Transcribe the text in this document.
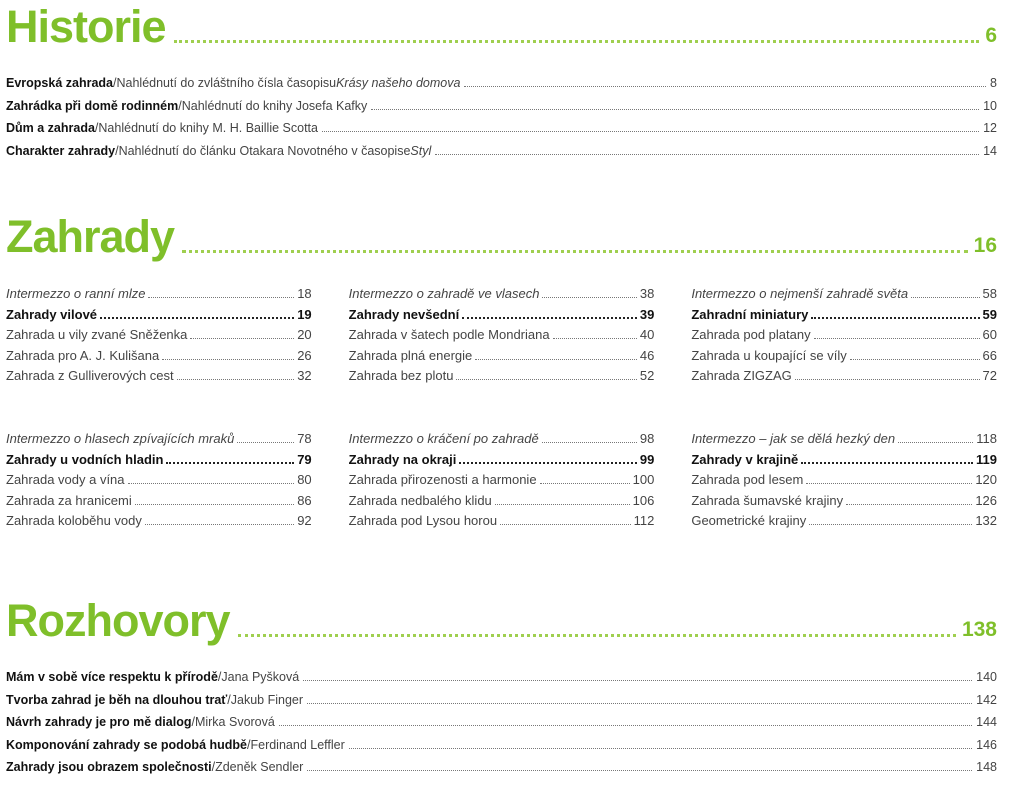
Historie	6
Evropská zahrada / Nahlédnutí do zvláštního čísla časopisu Krásy našeho domova	8
Zahrádka při domě rodinném / Nahlédnutí do knihy Josefa Kafky	10
Dům a zahrada / Nahlédnutí do knihy M. H. Baillie Scotta	12
Charakter zahrady / Nahlédnutí do článku Otakara Novotného v časopise Styl	14
Zahrady	16
Intermezzo o ranní mlze	18
Zahrady vilové	19
Zahrada u vily zvané Sněženka	20
Zahrada pro A. J. Kulišana	26
Zahrada z Gulliverových cest	32
Intermezzo o zahradě ve vlasech	38
Zahrady nevšední	39
Zahrada v šatech podle Mondriana	40
Zahrada plná energie	46
Zahrada bez plotu	52
Intermezzo o nejmenší zahradě světa	58
Zahradní miniatury	59
Zahrada pod platany	60
Zahrada u koupající se víly	66
Zahrada ZIGZAG	72
Intermezzo o hlasech zpívajících mraků	78
Zahrady u vodních hladin	79
Zahrada vody a vína	80
Zahrada za hranicemi	86
Zahrada koloběhu vody	92
Intermezzo o kráčení po zahradě	98
Zahrady na okraji	99
Zahrada přirozenosti a harmonie	100
Zahrada nedbalého klidu	106
Zahrada pod Lysou horou	112
Intermezzo – jak se dělá hezký den	118
Zahrady v krajině	119
Zahrada pod lesem	120
Zahrada šumavské krajiny	126
Geometrické krajiny	132
Rozhovory	138
Mám v sobě více respektu k přírodě / Jana Pyšková	140
Tvorba zahrad je běh na dlouhou trať / Jakub Finger	142
Návrh zahrady je pro mě dialog / Mirka Svorová	144
Komponování zahrady se podobá hudbě / Ferdinand Leffler	146
Zahrady jsou obrazem společnosti / Zdeněk Sendler	148
